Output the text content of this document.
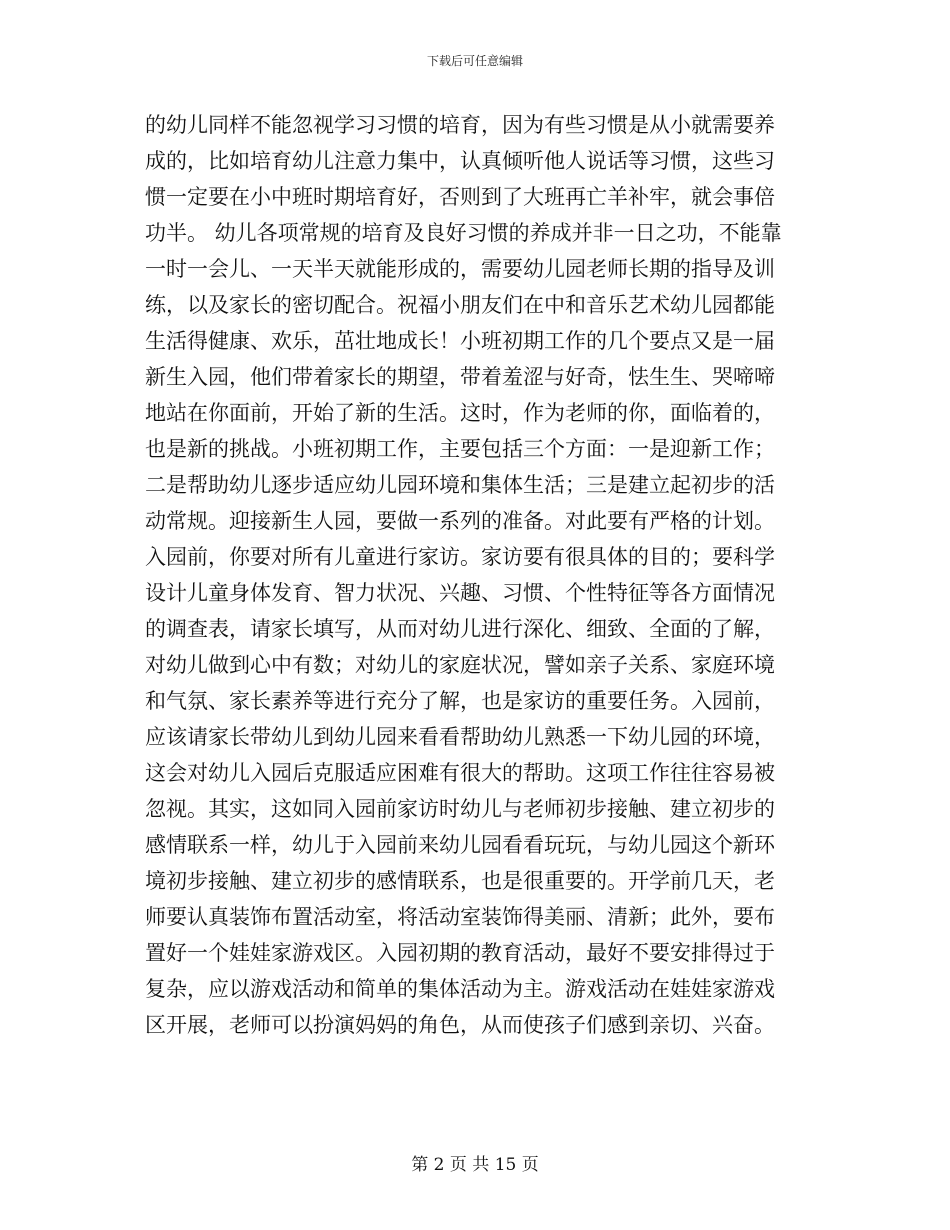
下载后可任意编辑
的幼儿同样不能忽视学习习惯的培育，因为有些习惯是从小就需要养
成的，比如培育幼儿注意力集中，认真倾听他人说话等习惯，这些习
惯一定要在小中班时期培育好，否则到了大班再亡羊补牢，就会事倍
功半。 幼儿各项常规的培育及良好习惯的养成并非一日之功，不能靠
一时一会儿、一天半天就能形成的，需要幼儿园老师长期的指导及训
练，以及家长的密切配合。祝福小朋友们在中和音乐艺术幼儿园都能
生活得健康、欢乐，茁壮地成长！小班初期工作的几个要点又是一届
新生入园，他们带着家长的期望，带着羞涩与好奇，怯生生、哭啼啼
地站在你面前，开始了新的生活。这时，作为老师的你，面临着的，
也是新的挑战。小班初期工作，主要包括三个方面：一是迎新工作；
二是帮助幼儿逐步适应幼儿园环境和集体生活；三是建立起初步的活
动常规。迎接新生人园，要做一系列的准备。对此要有严格的计划。
入园前，你要对所有儿童进行家访。家访要有很具体的目的；要科学
设计儿童身体发育、智力状况、兴趣、习惯、个性特征等各方面情况
的调查表，请家长填写，从而对幼儿进行深化、细致、全面的了解，
对幼儿做到心中有数；对幼儿的家庭状况，譬如亲子关系、家庭环境
和气氛、家长素养等进行充分了解，也是家访的重要任务。入园前，
应该请家长带幼儿到幼儿园来看看帮助幼儿熟悉一下幼儿园的环境，
这会对幼儿入园后克服适应困难有很大的帮助。这项工作往往容易被
忽视。其实，这如同入园前家访时幼儿与老师初步接触、建立初步的
感情联系一样，幼儿于入园前来幼儿园看看玩玩，与幼儿园这个新环
境初步接触、建立初步的感情联系，也是很重要的。开学前几天，老
师要认真装饰布置活动室，将活动室装饰得美丽、清新；此外，要布
置好一个娃娃家游戏区。入园初期的教育活动，最好不要安排得过于
复杂，应以游戏活动和简单的集体活动为主。游戏活动在娃娃家游戏
区开展，老师可以扮演妈妈的角色，从而使孩子们感到亲切、兴奋。
第 2 页 共 15 页
